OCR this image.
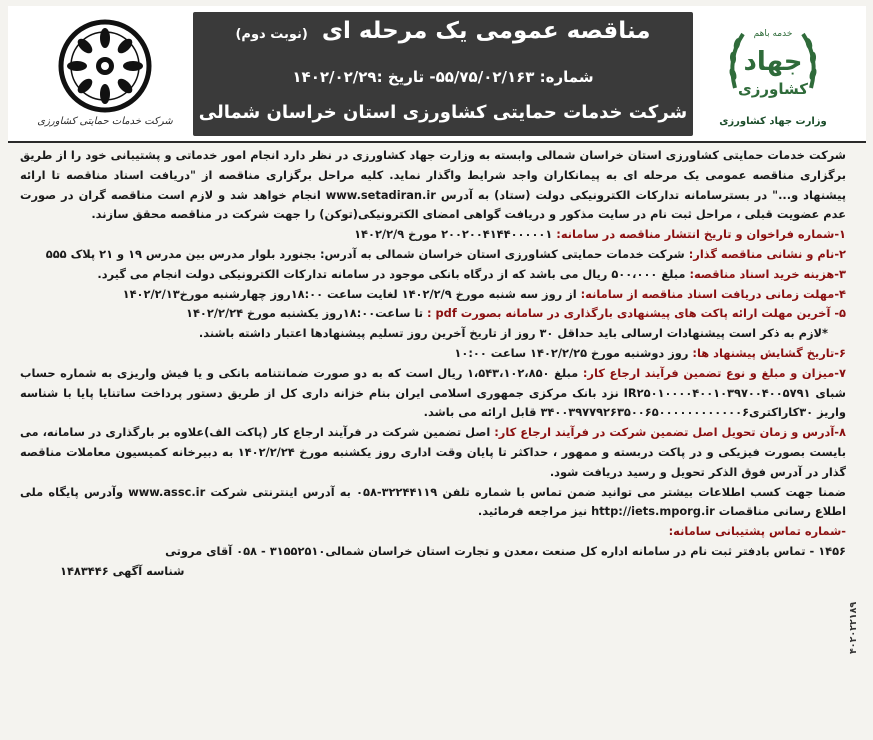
شرکت خدمات حمایتی کشاورزی
مناقصه عمومی یک مرحله ای (نوبت دوم)
شماره: ۵۵/۷۵/۰۲/۱۶۳- تاریخ :۱۴۰۲/۰۲/۲۹
شرکت خدمات حمایتی کشاورزی استان خراسان شمالی
خدمه باهم
جهاد
کشاورزی
وزارت جهاد کشاورزی

شرکت خدمات حمایتی کشاورزی استان خراسان شمالی وابسته به وزارت جهاد کشاورزی در نظر دارد انجام امور خدماتی و پشتیبانی خود را از طریق برگزاری مناقصه عمومی یک مرحله ای به پیمانکاران واجد شرایط واگذار نماید. کلیه مراحل برگزاری مناقصه از "دریافت اسناد مناقصه تا ارائه پیشنهاد و..." در بسترسامانه تدارکات الکترونیکی دولت (ستاد) به آدرس www.setadiran.ir انجام خواهد شد و لازم است مناقصه گران در صورت عدم عضویت قبلی ، مراحل ثبت نام در سایت مذکور و دریافت گواهی امضای الکترونیکی(توکن) را جهت شرکت در مناقصه محقق سازند.

۱-شماره فراخوان و تاریخ انتشار مناقصه در سامانه: ۲۰۰۲۰۰۴۱۴۴۰۰۰۰۰۱ مورخ ۱۴۰۲/۲/۹

۲-نام و نشانی مناقصه گذار: شرکت خدمات حمایتی کشاورزی استان خراسان شمالی به آدرس: بجنورد بلوار مدرس بین مدرس ۱۹ و ۲۱ پلاک ۵۵۵

۳-هزینه خرید اسناد مناقصه: مبلغ ۵۰۰،۰۰۰ ریال می باشد که از درگاه بانکی موجود در سامانه تدارکات الکترونیکی دولت انجام می گیرد.

۴-مهلت زمانی دریافت اسناد مناقصه از سامانه: از روز سه شنبه مورخ ۱۴۰۲/۲/۹ لغایت ساعت ۱۸:۰۰روز چهارشنبه مورخ۱۴۰۲/۲/۱۳

۵- آخرین مهلت ارائه پاکت های پیشنهادی بارگذاری در سامانه بصورت pdf : تا ساعت۱۸:۰۰روز یکشنبه مورخ ۱۴۰۲/۲/۲۴

*لازم به ذکر است پیشنهادات ارسالی باید حداقل ۳۰ روز از تاریخ آخرین روز تسلیم پیشنهادها اعتبار داشته باشند.

۶-تاریخ گشایش پیشنهاد ها: روز دوشنبه مورخ ۱۴۰۲/۲/۲۵ ساعت ۱۰:۰۰

۷-میزان و مبلغ و نوع تضمین فرآیند ارجاع کار: مبلغ ۱،۵۴۳،۱۰۲،۸۵۰ ریال است که به دو صورت ضمانتنامه بانکی و یا فیش واریزی به شماره حساب شبای IR۲۵۰۱۰۰۰۰۴۰۰۱۰۳۹۷۰۰۴۰۰۵۷۹۱ نزد بانک مرکزی جمهوری اسلامی ایران بنام خزانه داری کل از طریق دستور پرداخت ساتنایا پایا با شناسه واریز ۳۰کاراکتری۳۴۰۰۳۹۷۷۹۲۶۳۵۰۰۶۵۰۰۰۰۰۰۰۰۰۰۰۰۶ قابل ارائه می باشد.

۸-آدرس و زمان تحویل اصل تضمین شرکت در فرآیند ارجاع کار: اصل تضمین شرکت در فرآیند ارجاع کار (پاکت الف)علاوه بر بارگذاری در سامانه، می بایست بصورت فیزیکی و در پاکت دربسته و ممهور ، حداکثر تا پایان وقت اداری روز یکشنبه مورخ ۱۴۰۲/۲/۲۴ به دبیرخانه کمیسیون معاملات مناقصه گذار در آدرس فوق الذکر تحویل و رسید دریافت شود.

ضمنا جهت کسب اطلاعات بیشتر می توانید ضمن تماس با شماره تلفن ۳۲۲۴۴۱۱۹-۰۵۸ به آدرس اینترنتی شرکت www.assc.ir وآدرس پایگاه ملی اطلاع رسانی مناقصات http://iets.mporg.ir نیز مراجعه فرمائید.

-شماره تماس پشتیبانی سامانه:

۱۴۵۶ - تماس بادفتر ثبت نام در سامانه اداره کل صنعت ،معدن و تجارت استان خراسان شمالی۳۱۵۵۲۵۱۰ - ۰۵۸ آقای مروتی

شناسه آگهی ۱۴۸۳۴۴۶

۴۰۲۰۲۲۱۸۹
